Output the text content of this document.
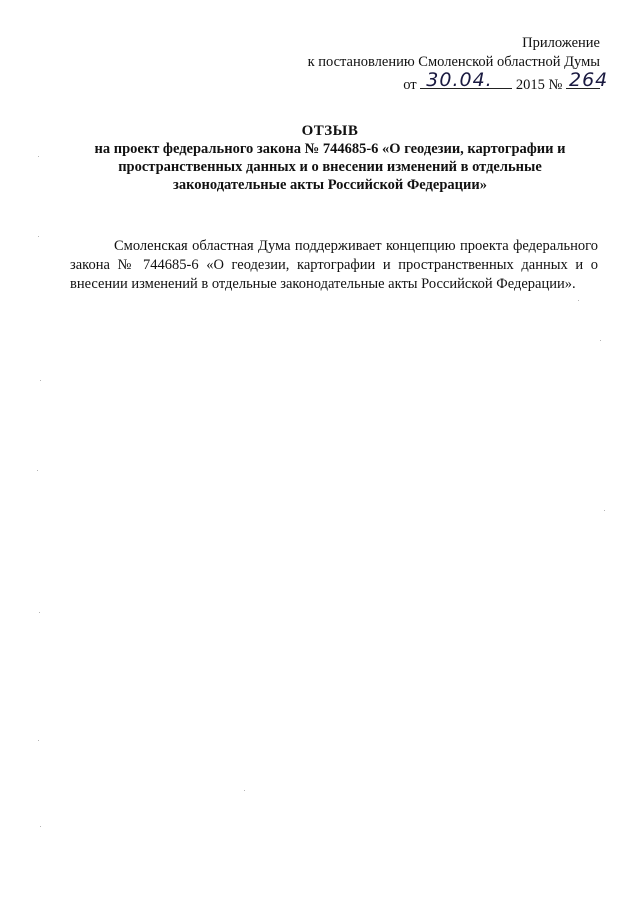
Приложение
к постановлению Смоленской областной Думы
от 30.04. 2015 № 264
ОТЗЫВ
на проект федерального закона № 744685-6 «О геодезии, картографии и
пространственных данных и о внесении изменений в отдельные
законодательные акты Российской Федерации»

Смоленская областная Дума поддерживает концепцию проекта федерального закона № 744685-6 «О геодезии, картографии и пространственных данных и о внесении изменений в отдельные законодательные акты Российской Федерации».
